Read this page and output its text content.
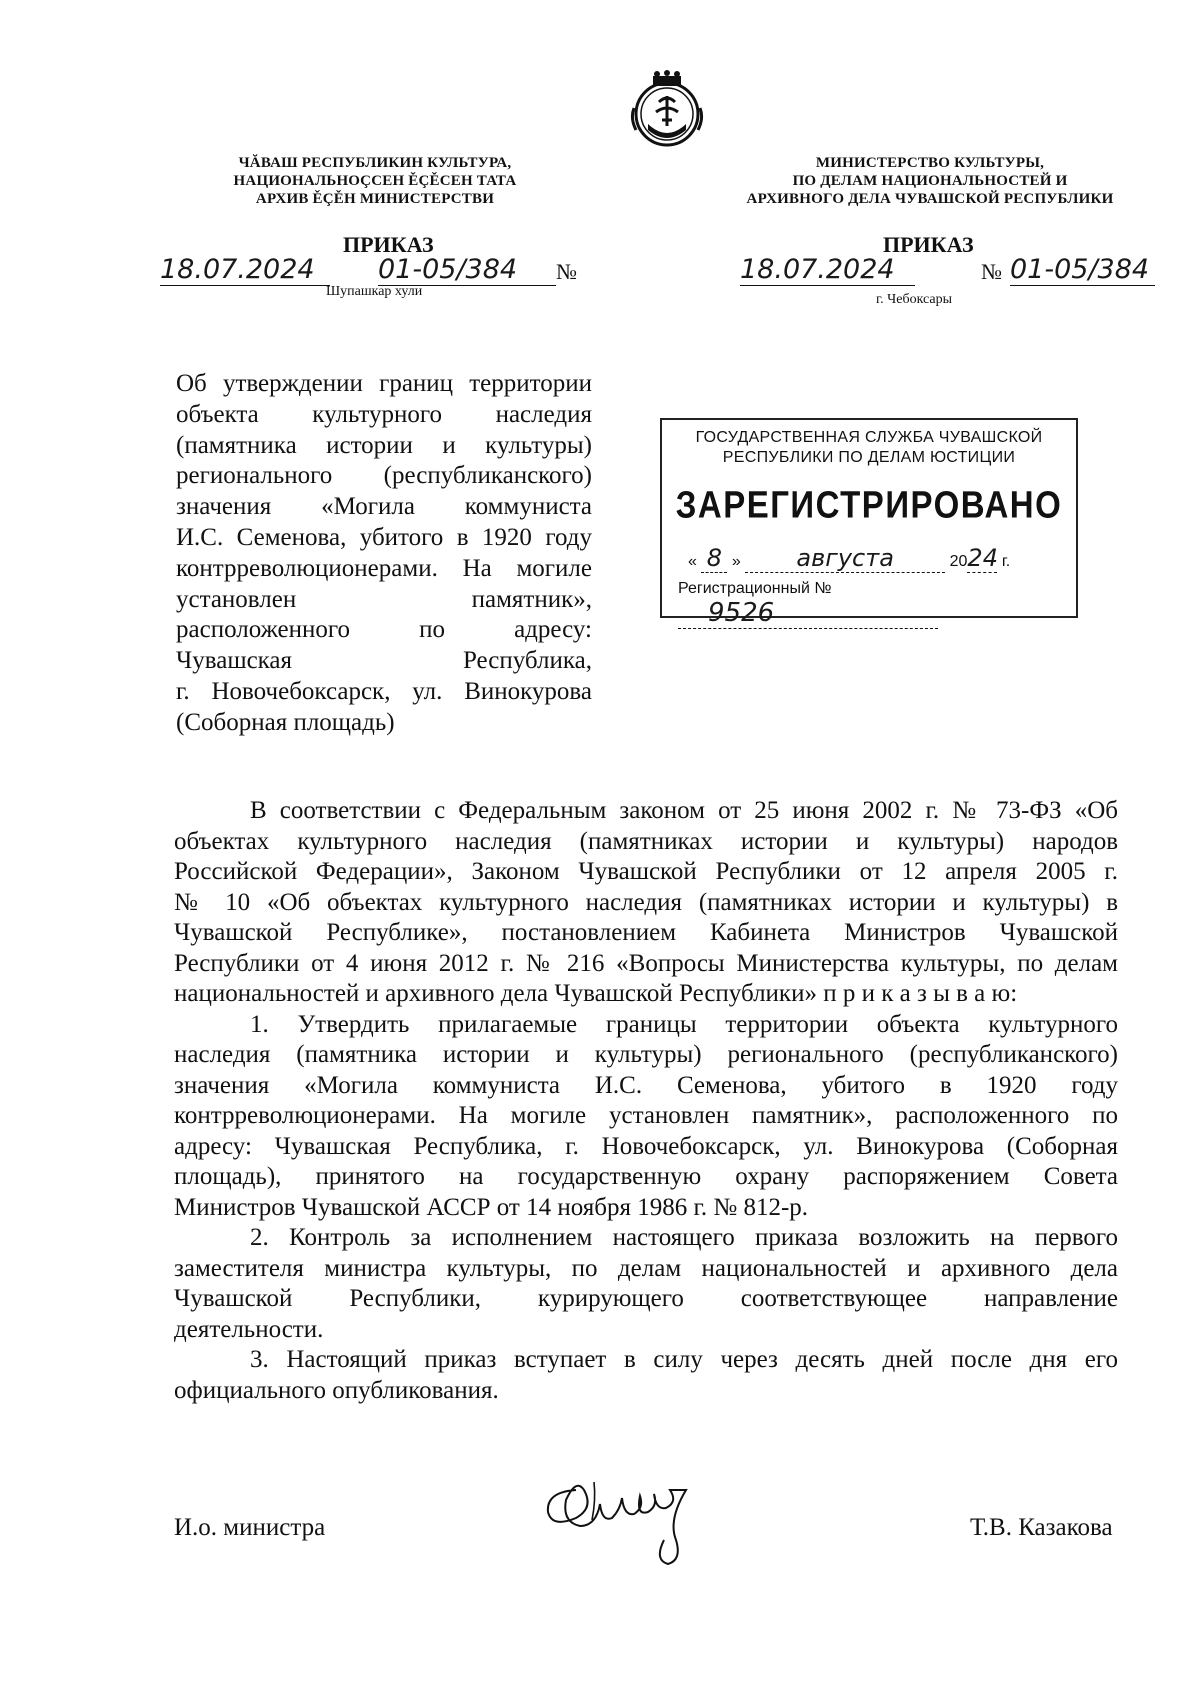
ЧĂВАШ РЕСПУБЛИКИН КУЛЬТУРА,
НАЦИОНАЛЬНОÇСЕН ĚÇĚСЕН ТАТА
АРХИВ ĚÇĚН МИНИСТЕРСТВИ
МИНИСТЕРСТВО КУЛЬТУРЫ,
ПО ДЕЛАМ НАЦИОНАЛЬНОСТЕЙ И
АРХИВНОГО ДЕЛА ЧУВАШСКОЙ РЕСПУБЛИКИ
ПРИКАЗ	ПРИКАЗ
18.07.2024	01-05/384	№
Шупашкар хули
18.07.2024	№ 01-05/384
г. Чебоксары
Об утверждении границ территории
объекта культурного наследия
(памятника истории и культуры)
регионального (республиканского)
значения «Могила коммуниста
И.С. Семенова, убитого в 1920 году
контрреволюционерами. На могиле
установлен памятник»,
расположенного по адресу:
Чувашская Республика,
г. Новочебоксарск, ул. Винокурова
(Соборная площадь)
ГОСУДАРСТВЕННАЯ СЛУЖБА ЧУВАШСКОЙ
РЕСПУБЛИКИ ПО ДЕЛАМ ЮСТИЦИИ
ЗАРЕГИСТРИРОВАНО
« 8 » августа	2024 г.
Регистрационный № 9526
В соответствии с Федеральным законом от 25 июня 2002 г. № 73-ФЗ «Об
объектах культурного наследия (памятниках истории и культуры) народов
Российской Федерации», Законом Чувашской Республики от 12 апреля 2005 г.
№ 10 «Об объектах культурного наследия (памятниках истории и культуры) в
Чувашской Республике», постановлением Кабинета Министров Чувашской
Республики от 4 июня 2012 г. № 216 «Вопросы Министерства культуры, по делам
национальностей и архивного дела Чувашской Республики» п р и к а з ы в а ю:
1. Утвердить прилагаемые границы территории объекта культурного
наследия (памятника истории и культуры) регионального (республиканского)
значения «Могила коммуниста И.С. Семенова, убитого в 1920 году
контрреволюционерами. На могиле установлен памятник», расположенного по
адресу: Чувашская Республика, г. Новочебоксарск, ул. Винокурова (Соборная
площадь), принятого на государственную охрану распоряжением Совета
Министров Чувашской АССР от 14 ноября 1986 г. № 812-р.
2. Контроль за исполнением настоящего приказа возложить на первого
заместителя министра культуры, по делам национальностей и архивного дела
Чувашской Республики, курирующего соответствующее направление
деятельности.
3. Настоящий приказ вступает в силу через десять дней после дня его
официального опубликования.
И.о. министра	Т.В. Казакова
